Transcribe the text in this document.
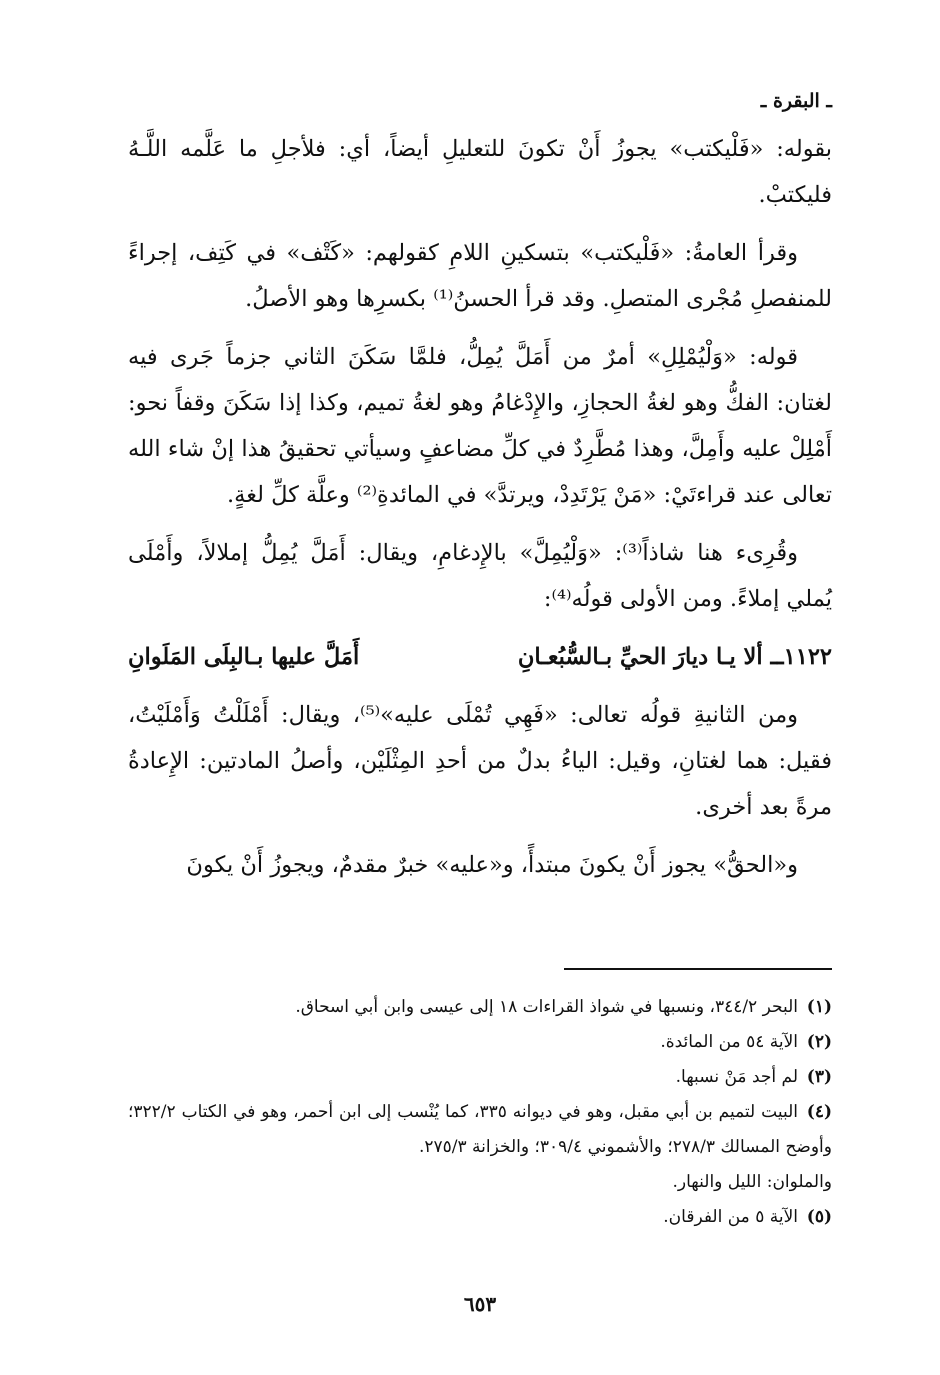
ـ البقرة ـ

بقوله: «فَلْيكتب» يجوزُ أَنْ تكونَ للتعليلِ أيضاً، أي: فلأجلِ ما عَلَّمه اللَّـهُ فليكتبْ.

وقرأ العامةُ: «فَلْيكتب» بتسكينِ اللامِ كقولهم: «كَتْف» في كَتِف، إجراءً للمنفصلِ مُجْرى المتصلِ. وقد قرأ الحسنُ⁽¹⁾ بكسرِها وهو الأصلُ.

قوله: «وَلْيُمْلِلِ» أمرٌ من أَمَلَّ يُمِلُّ، فلمَّا سَكَنَ الثاني جزماً جَرى فيه لغتان: الفكُّ وهو لغةُ الحجازِ، والإِدْغامُ وهو لغةُ تميم، وكذا إذا سَكَنَ وقفاً نحو: أَمْلِلْ عليه وأَمِلَّ، وهذا مُطَّرِدٌ في كلِّ مضاعفٍ وسيأتي تحقيقُ هذا إنْ شاء الله تعالى عند قراءتَيْ: «مَنْ يَرْتَدِدْ، ويرتدَّ» في المائدةِ⁽²⁾ وعلَّة كلِّ لغةٍ.

وقُرِىء هنا شاذاً⁽³⁾: «وَلْيُمِلَّ» بالإِدغامِ، ويقال: أَمَلَّ يُمِلُّ إملالاً، وأَمْلَى يُملي إملاءً. ومن الأولى قولُه⁽⁴⁾:

١١٢٢ــ ألا يـا ديارَ الحيِّ بـالسُّبُعـانِ
أَمَلَّ عليها بـالبِلَى المَلَوانِ

ومن الثانيةِ قولُه تعالى: «فَهِي تُمْلَى عليه»⁽⁵⁾، ويقال: أَمْلَلْتُ وَأَمْلَيْتُ، فقيل: هما لغتانِ، وقيل: الياءُ بدلٌ من أحدِ المِثْلَيْن، وأصلُ المادتين: الإِعادةُ مرةً بعد أخرى.

و«الحقُّ» يجوز أَنْ يكونَ مبتدأً، و«عليه» خبرٌ مقدمٌ، ويجوزُ أَنْ يكونَ

(١)البحر ٣٤٤/٢، ونسبها في شواذ القراءات ١٨ إلى عيسى وابن أبي اسحاق.
(٢)الآية ٥٤ من المائدة.
(٣)لم أجد مَنْ نسبها.
(٤)البيت لتميم بن أبي مقبل، وهو في ديوانه ٣٣٥، كما يُنْسب إلى ابن أحمر، وهو في الكتاب ٣٢٢/٢؛ وأوضح المسالك ٢٧٨/٣؛ والأشموني ٣٠٩/٤؛ والخزانة ٢٧٥/٣.
والملوان: الليل والنهار.
(٥)الآية ٥ من الفرقان.
٦٥٣
